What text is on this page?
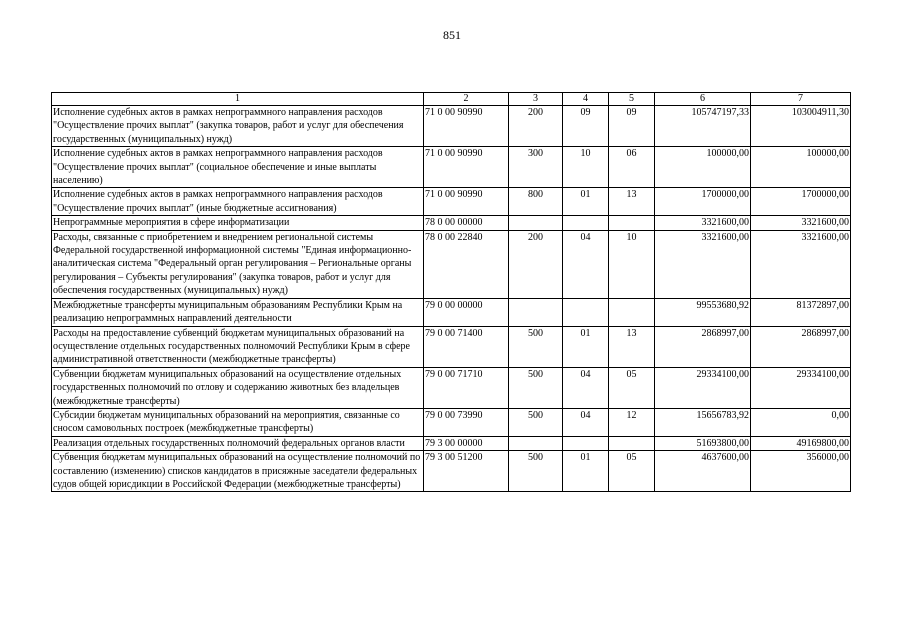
851
1	2	3	4	5	6	7
Исполнение судебных актов в рамках непрограммного направления расходов "Осуществление прочих выплат" (закупка товаров, работ и услуг для обеспечения государственных (муниципальных) нужд)	71 0 00 90990	200	09	09	105747197,33	103004911,30
Исполнение судебных актов в рамках непрограммного направления расходов "Осуществление прочих выплат" (социальное обеспечение и иные выплаты населению)	71 0 00 90990	300	10	06	100000,00	100000,00
Исполнение судебных актов в рамках непрограммного направления расходов "Осуществление прочих выплат" (иные бюджетные ассигнования)	71 0 00 90990	800	01	13	1700000,00	1700000,00
Непрограммные мероприятия в сфере информатизации	78 0 00 00000				3321600,00	3321600,00
Расходы, связанные с приобретением и внедрением региональной системы Федеральной государственной информационной системы "Единая информационно-аналитическая система "Федеральный орган регулирования – Региональные органы регулирования – Субъекты регулирования" (закупка товаров, работ и услуг для обеспечения государственных (муниципальных) нужд)	78 0 00 22840	200	04	10	3321600,00	3321600,00
Межбюджетные трансферты муниципальным образованиям Республики Крым на реализацию непрограммных направлений деятельности	79 0 00 00000				99553680,92	81372897,00
Расходы на предоставление субвенций бюджетам муниципальных образований на осуществление отдельных государственных полномочий Республики Крым в сфере административной ответственности (межбюджетные трансферты)	79 0 00 71400	500	01	13	2868997,00	2868997,00
Субвенции бюджетам муниципальных образований на осуществление отдельных государственных полномочий по отлову и содержанию животных без владельцев (межбюджетные трансферты)	79 0 00 71710	500	04	05	29334100,00	29334100,00
Субсидии бюджетам муниципальных образований на мероприятия, связанные со сносом самовольных построек (межбюджетные трансферты)	79 0 00 73990	500	04	12	15656783,92	0,00
Реализация отдельных государственных полномочий федеральных органов власти	79 3 00 00000				51693800,00	49169800,00
Субвенция бюджетам муниципальных образований на осуществление полномочий по составлению (изменению) списков кандидатов в присяжные заседатели федеральных судов общей юрисдикции в Российской Федерации (межбюджетные трансферты)	79 3 00 51200	500	01	05	4637600,00	356000,00
